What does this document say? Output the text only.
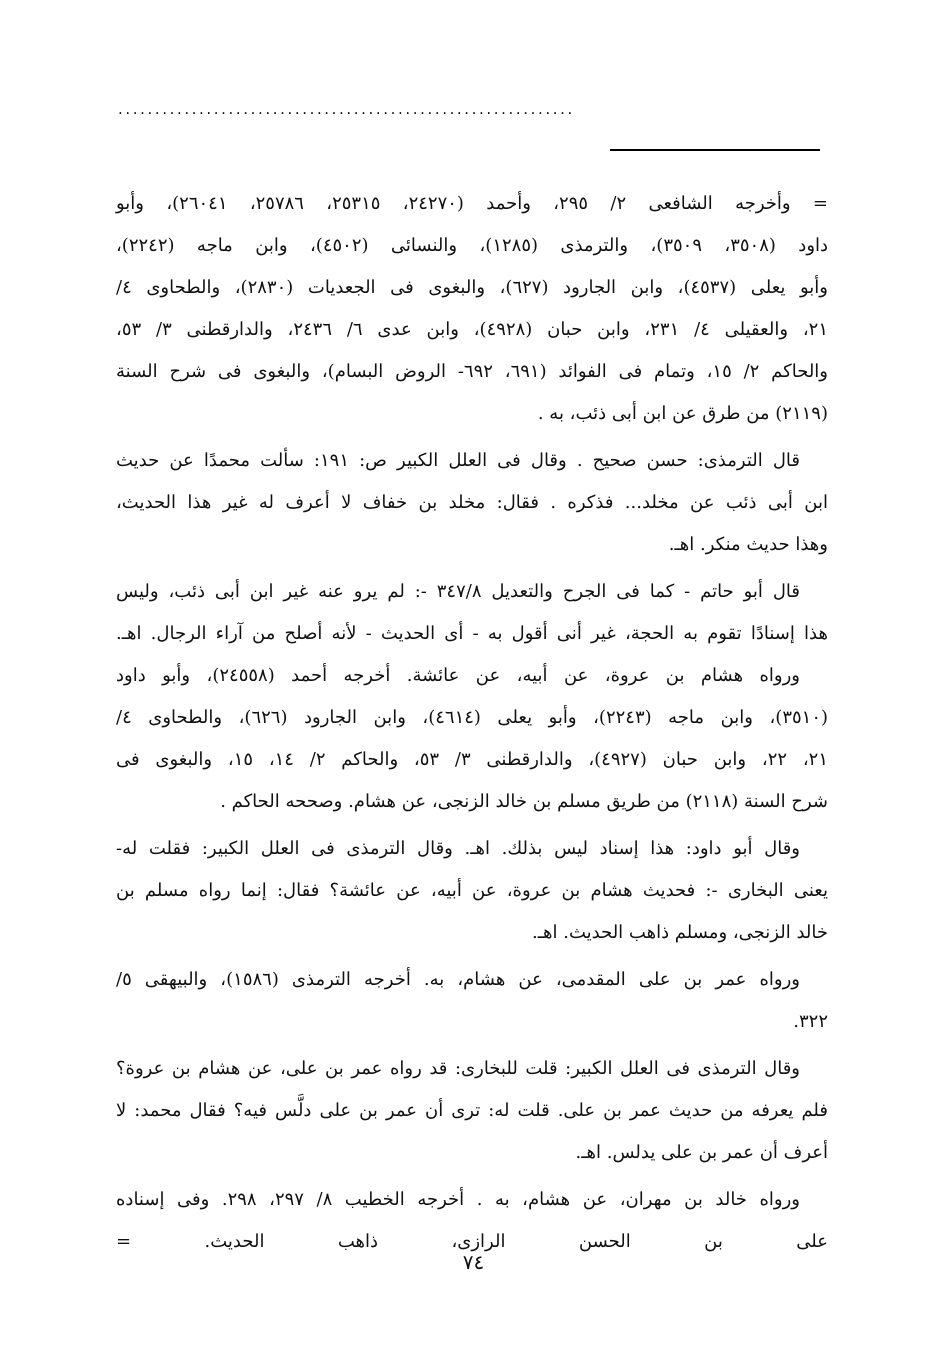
..............................................................

= وأخرجه الشافعى ٢/ ٢٩٥، وأحمد (٢٤٢٧٠، ٢٥٣١٥، ٢٥٧٨٦، ٢٦٠٤١)، وأبو
داود (٣٥٠٨، ٣٥٠٩)، والترمذى (١٢٨٥)، والنسائى (٤٥٠٢)، وابن ماجه (٢٢٤٢)،
وأبو يعلى (٤٥٣٧)، وابن الجارود (٦٢٧)، والبغوى فى الجعديات (٢٨٣٠)، والطحاوى ٤/
٢١، والعقيلى ٤/ ٢٣١، وابن حبان (٤٩٢٨)، وابن عدى ٦/ ٢٤٣٦، والدارقطنى ٣/ ٥٣،
والحاكم ٢/ ١٥، وتمام فى الفوائد (٦٩١، ٦٩٢- الروض البسام)، والبغوى فى شرح السنة
(٢١١٩) من طرق عن ابن أبى ذئب، به .

قال الترمذى: حسن صحيح . وقال فى العلل الكبير ص: ١٩١: سألت محمدًا عن حديث
ابن أبى ذئب عن مخلد... فذكره . فقال: مخلد بن خفاف لا أعرف له غير هذا الحديث،
وهذا حديث منكر. اهـ.

قال أبو حاتم - كما فى الجرح والتعديل ٣٤٧/٨ -: لم يرو عنه غير ابن أبى ذئب، وليس
هذا إسنادًا تقوم به الحجة، غير أنى أقول به - أى الحديث - لأنه أصلح من آراء الرجال. اهـ.
ورواه هشام بن عروة، عن أبيه، عن عائشة. أخرجه أحمد (٢٤٥٥٨)، وأبو داود
(٣٥١٠)، وابن ماجه (٢٢٤٣)، وأبو يعلى (٤٦١٤)، وابن الجارود (٦٢٦)، والطحاوى ٤/
٢١، ٢٢، وابن حبان (٤٩٢٧)، والدارقطنى ٣/ ٥٣، والحاكم ٢/ ١٤، ١٥، والبغوى فى
شرح السنة (٢١١٨) من طريق مسلم بن خالد الزنجى، عن هشام. وصححه الحاكم .

وقال أبو داود: هذا إسناد ليس بذلك. اهـ. وقال الترمذى فى العلل الكبير: فقلت له-
يعنى البخارى -: فحديث هشام بن عروة، عن أبيه، عن عائشة؟ فقال: إنما رواه مسلم بن
خالد الزنجى، ومسلم ذاهب الحديث. اهـ.

ورواه عمر بن على المقدمى، عن هشام، به. أخرجه الترمذى (١٥٨٦)، والبيهقى ٥/
٣٢٢.

وقال الترمذى فى العلل الكبير: قلت للبخارى: قد رواه عمر بن على، عن هشام بن عروة؟
فلم يعرفه من حديث عمر بن على. قلت له: ترى أن عمر بن على دلَّس فيه؟ فقال محمد: لا
أعرف أن عمر بن على يدلس. اهـ.

ورواه خالد بن مهران، عن هشام، به . أخرجه الخطيب ٨/ ٢٩٧، ٢٩٨. وفى إسناده
على بن الحسن الرازى، ذاهب الحديث. =

٧٤
